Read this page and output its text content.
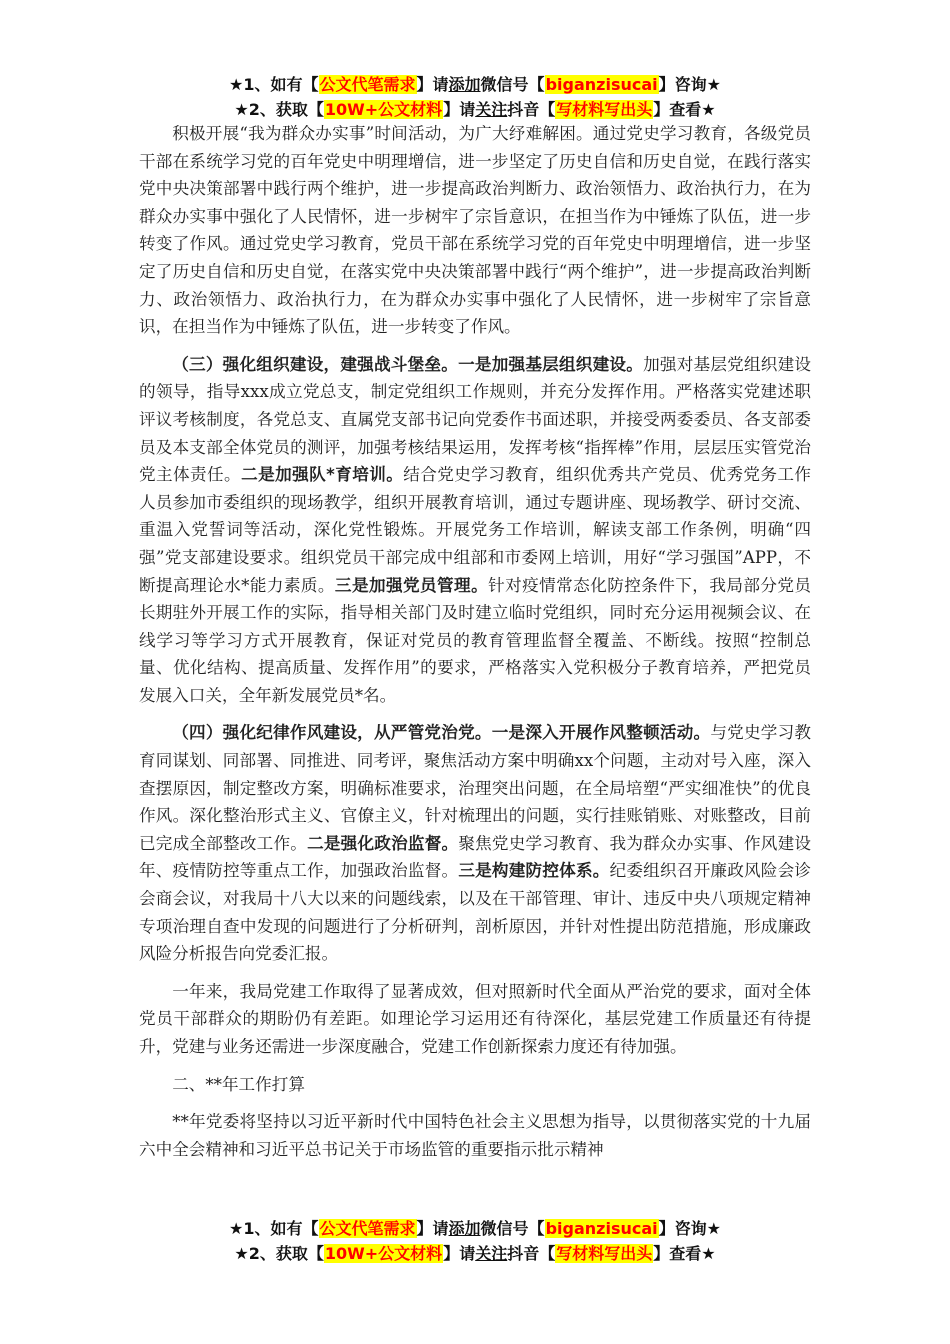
★1、如有【公文代笔需求】请添加微信号【biganzisucai】咨询★
★2、获取【10W+公文材料】请关注抖音【写材料写出头】查看★

积极开展“我为群众办实事”时间活动，为广大纾难解困。通过党史学习教育，各级党员干部在系统学习党的百年党史中明理增信，进一步坚定了历史自信和历史自觉，在践行落实党中央决策部署中践行两个维护，进一步提高政治判断力、政治领悟力、政治执行力，在为群众办实事中强化了人民情怀，进一步树牢了宗旨意识，在担当作为中锤炼了队伍，进一步转变了作风。通过党史学习教育，党员干部在系统学习党的百年党史中明理增信，进一步坚定了历史自信和历史自觉，在落实党中央决策部署中践行“两个维护”，进一步提高政治判断力、政治领悟力、政治执行力，在为群众办实事中强化了人民情怀，进一步树牢了宗旨意识，在担当作为中锤炼了队伍，进一步转变了作风。

（三）强化组织建设，建强战斗堡垒。一是加强基层组织建设。加强对基层党组织建设的领导，指导xxx成立党总支，制定党组织工作规则，并充分发挥作用。严格落实党建述职评议考核制度，各党总支、直属党支部书记向党委作书面述职，并接受两委委员、各支部委员及本支部全体党员的测评，加强考核结果运用，发挥考核“指挥棒”作用，层层压实管党治党主体责任。二是加强队*育培训。结合党史学习教育，组织优秀共产党员、优秀党务工作人员参加市委组织的现场教学，组织开展教育培训，通过专题讲座、现场教学、研讨交流、重温入党誓词等活动，深化党性锻炼。开展党务工作培训，解读支部工作条例，明确“四强”党支部建设要求。组织党员干部完成中组部和市委网上培训，用好“学习强国”APP，不断提高理论水*能力素质。三是加强党员管理。针对疫情常态化防控条件下，我局部分党员长期驻外开展工作的实际，指导相关部门及时建立临时党组织，同时充分运用视频会议、在线学习等学习方式开展教育，保证对党员的教育管理监督全覆盖、不断线。按照“控制总量、优化结构、提高质量、发挥作用”的要求，严格落实入党积极分子教育培养，严把党员发展入口关，全年新发展党员*名。

（四）强化纪律作风建设，从严管党治党。一是深入开展作风整顿活动。与党史学习教育同谋划、同部署、同推进、同考评，聚焦活动方案中明确xx个问题，主动对号入座，深入查摆原因，制定整改方案，明确标准要求，治理突出问题，在全局培塑“严实细准快”的优良作风。深化整治形式主义、官僚主义，针对梳理出的问题，实行挂账销账、对账整改，目前已完成全部整改工作。二是强化政治监督。聚焦党史学习教育、我为群众办实事、作风建设年、疫情防控等重点工作，加强政治监督。三是构建防控体系。纪委组织召开廉政风险会诊会商会议，对我局十八大以来的问题线索，以及在干部管理、审计、违反中央八项规定精神专项治理自查中发现的问题进行了分析研判，剖析原因，并针对性提出防范措施，形成廉政风险分析报告向党委汇报。

一年来，我局党建工作取得了显著成效，但对照新时代全面从严治党的要求，面对全体党员干部群众的期盼仍有差距。如理论学习运用还有待深化，基层党建工作质量还有待提升，党建与业务还需进一步深度融合，党建工作创新探索力度还有待加强。

二、**年工作打算

**年党委将坚持以习近平新时代中国特色社会主义思想为指导，以贯彻落实党的十九届六中全会精神和习近平总书记关于市场监管的重要指示批示精神

★1、如有【公文代笔需求】请添加微信号【biganzisucai】咨询★
★2、获取【10W+公文材料】请关注抖音【写材料写出头】查看★
